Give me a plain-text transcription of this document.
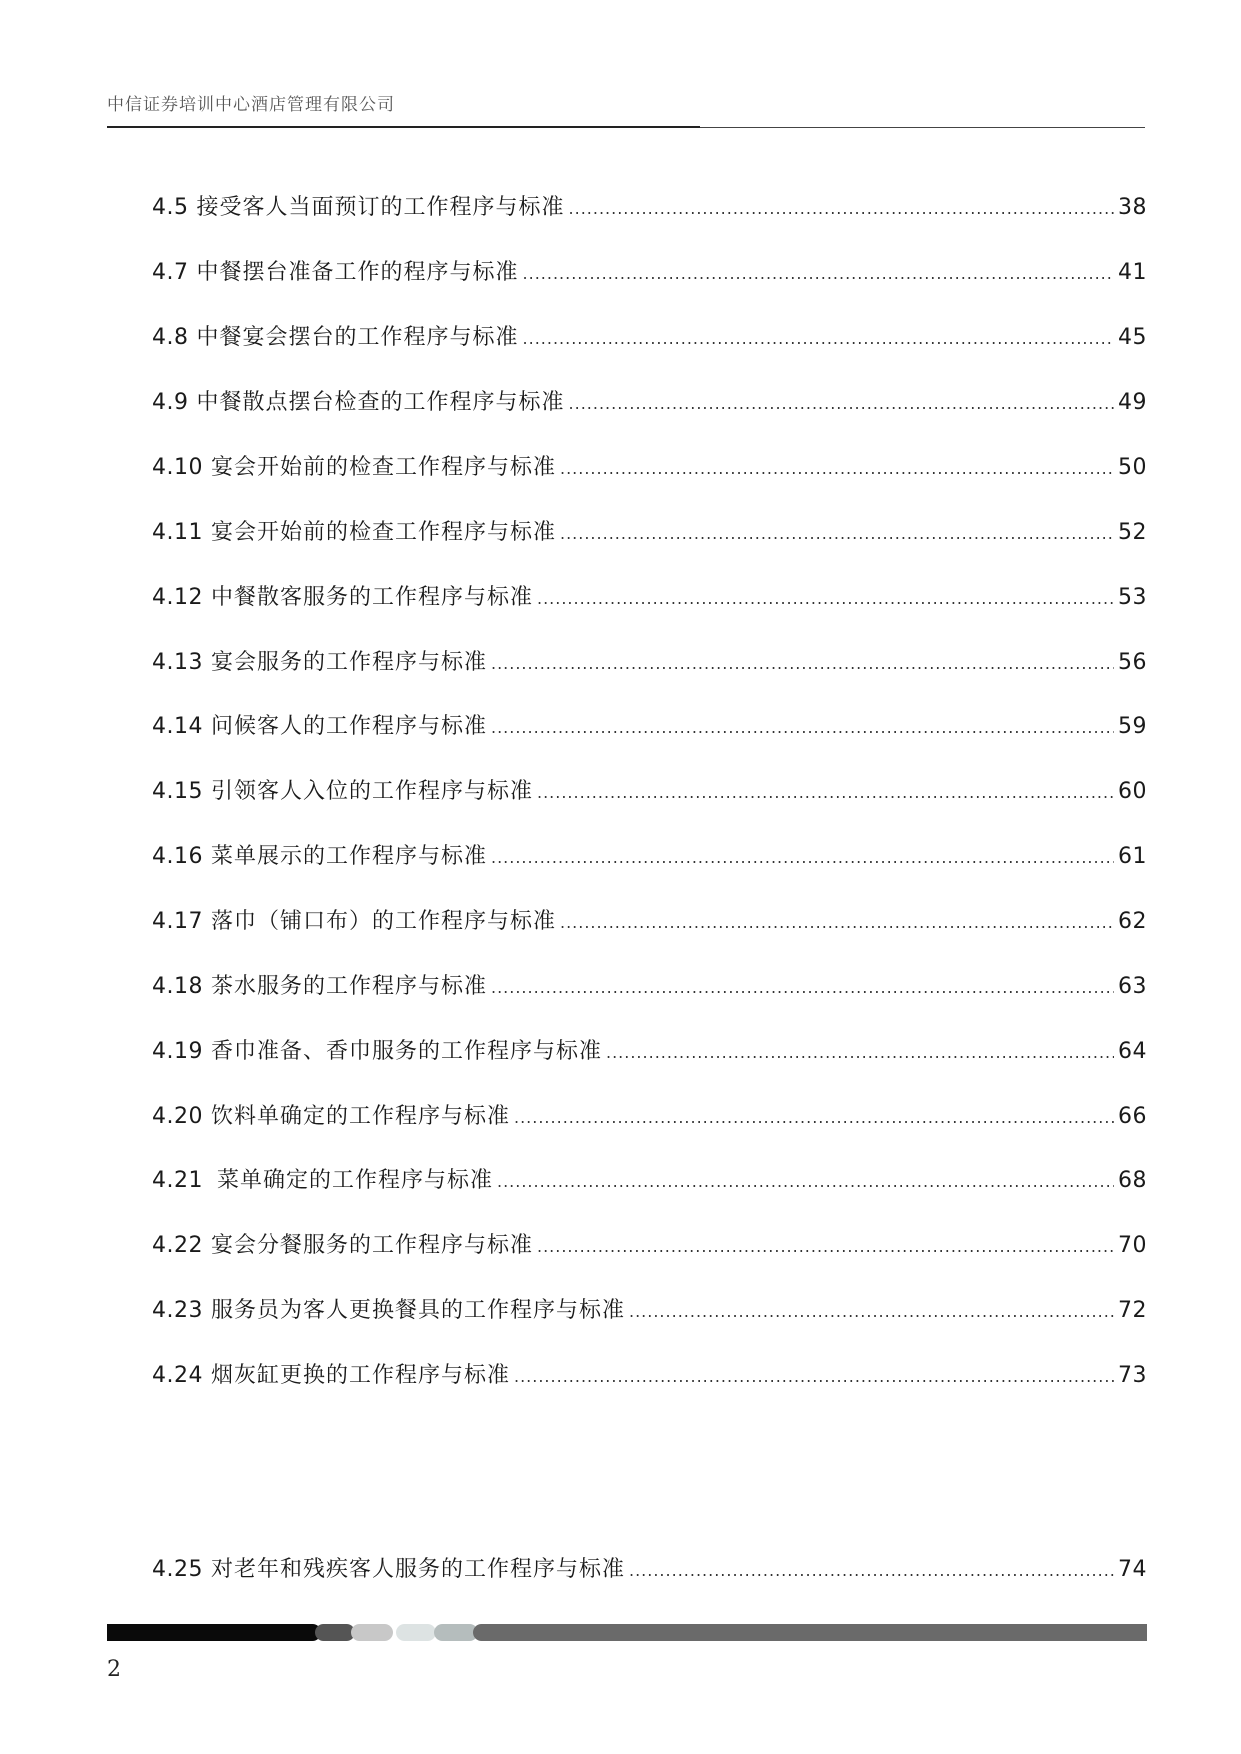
中信证券培训中心酒店管理有限公司
4.5 接受客人当面预订的工作程序与标准 .....	38
4.7 中餐摆台准备工作的程序与标准 .....	41
4.8 中餐宴会摆台的工作程序与标准 .....	45
4.9 中餐散点摆台检查的工作程序与标准 .....	49
4.10 宴会开始前的检查工作程序与标准 .....	50
4.11 宴会开始前的检查工作程序与标准 .....	52
4.12 中餐散客服务的工作程序与标准 .....	53
4.13 宴会服务的工作程序与标准 .....	56
4.14 问候客人的工作程序与标准 .....	59
4.15 引领客人入位的工作程序与标准 .....	60
4.16 菜单展示的工作程序与标准 .....	61
4.17 落巾（铺口布）的工作程序与标准 .....	62
4.18 茶水服务的工作程序与标准 .....	63
4.19 香巾准备、香巾服务的工作程序与标准 .....	64
4.20 饮料单确定的工作程序与标准 .....	66
4.21 菜单确定的工作程序与标准 .....	68
4.22 宴会分餐服务的工作程序与标准 .....	70
4.23 服务员为客人更换餐具的工作程序与标准 .....	72
4.24 烟灰缸更换的工作程序与标准 .....	73
4.25 对老年和残疾客人服务的工作程序与标准 .....	74
2
